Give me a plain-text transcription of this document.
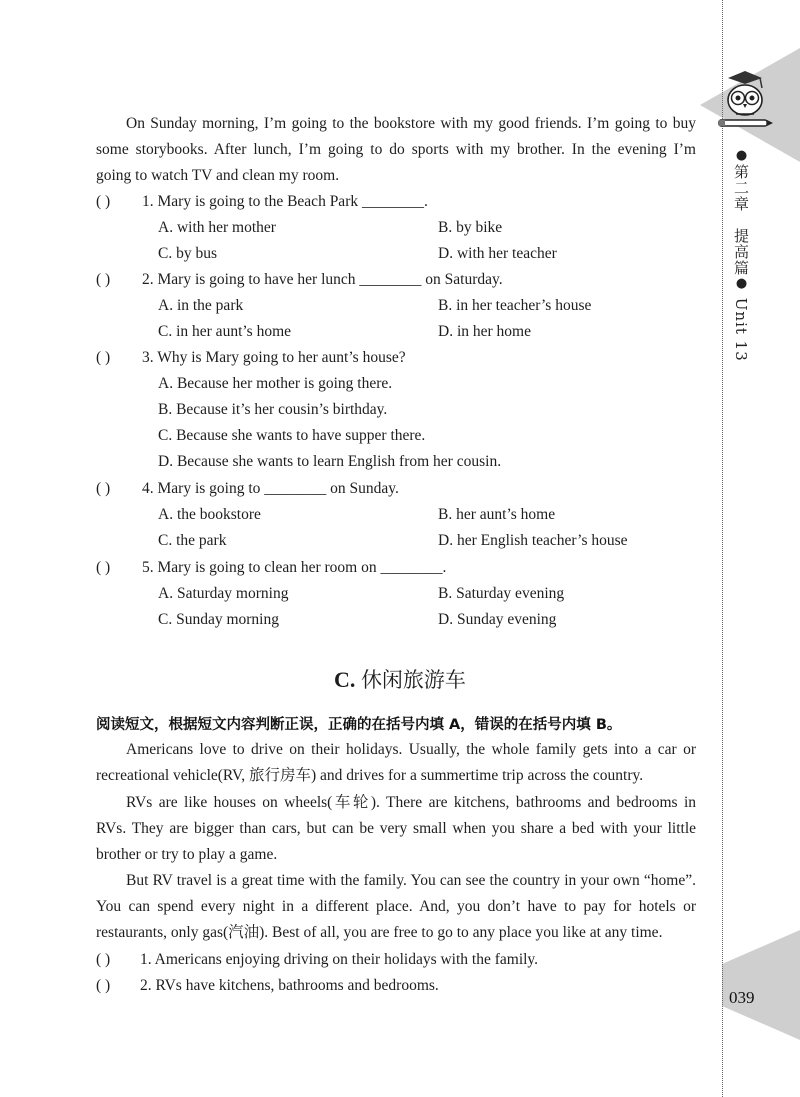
●第二章　提高篇● Unit 13
039
On Sunday morning, I’m going to the bookstore with my good friends. I’m going to buy
some storybooks. After lunch, I’m going to do sports with my brother. In the evening I’m
going to watch TV and clean my room.
( ) 1. Mary is going to the Beach Park ________.
A. with her mother	B. by bike
C. by bus	D. with her teacher
( ) 2. Mary is going to have her lunch ________ on Saturday.
A. in the park	B. in her teacher’s house
C. in her aunt’s home	D. in her home
( ) 3. Why is Mary going to her aunt’s house?
A. Because her mother is going there.
B. Because it’s her cousin’s birthday.
C. Because she wants to have supper there.
D. Because she wants to learn English from her cousin.
( ) 4. Mary is going to ________ on Sunday.
A. the bookstore	B. her aunt’s home
C. the park	D. her English teacher’s house
( ) 5. Mary is going to clean her room on ________.
A. Saturday morning	B. Saturday evening
C. Sunday morning	D. Sunday evening
C. 休闲旅游车
阅读短文，根据短文内容判断正误，正确的在括号内填 A，错误的在括号内填 B。
Americans love to drive on their holidays. Usually, the whole family gets into a car or
recreational vehicle(RV, 旅行房车) and drives for a summertime trip across the country.
RVs are like houses on wheels(车轮). There are kitchens, bathrooms and bedrooms in
RVs. They are bigger than cars, but can be very small when you share a bed with your little
brother or try to play a game.
But RV travel is a great time with the family. You can see the country in your own “home”.
You can spend every night in a different place. And, you don’t have to pay for hotels or
restaurants, only gas(汽油). Best of all, you are free to go to any place you like at any time.
( ) 1. Americans enjoying driving on their holidays with the family.
( ) 2. RVs have kitchens, bathrooms and bedrooms.
